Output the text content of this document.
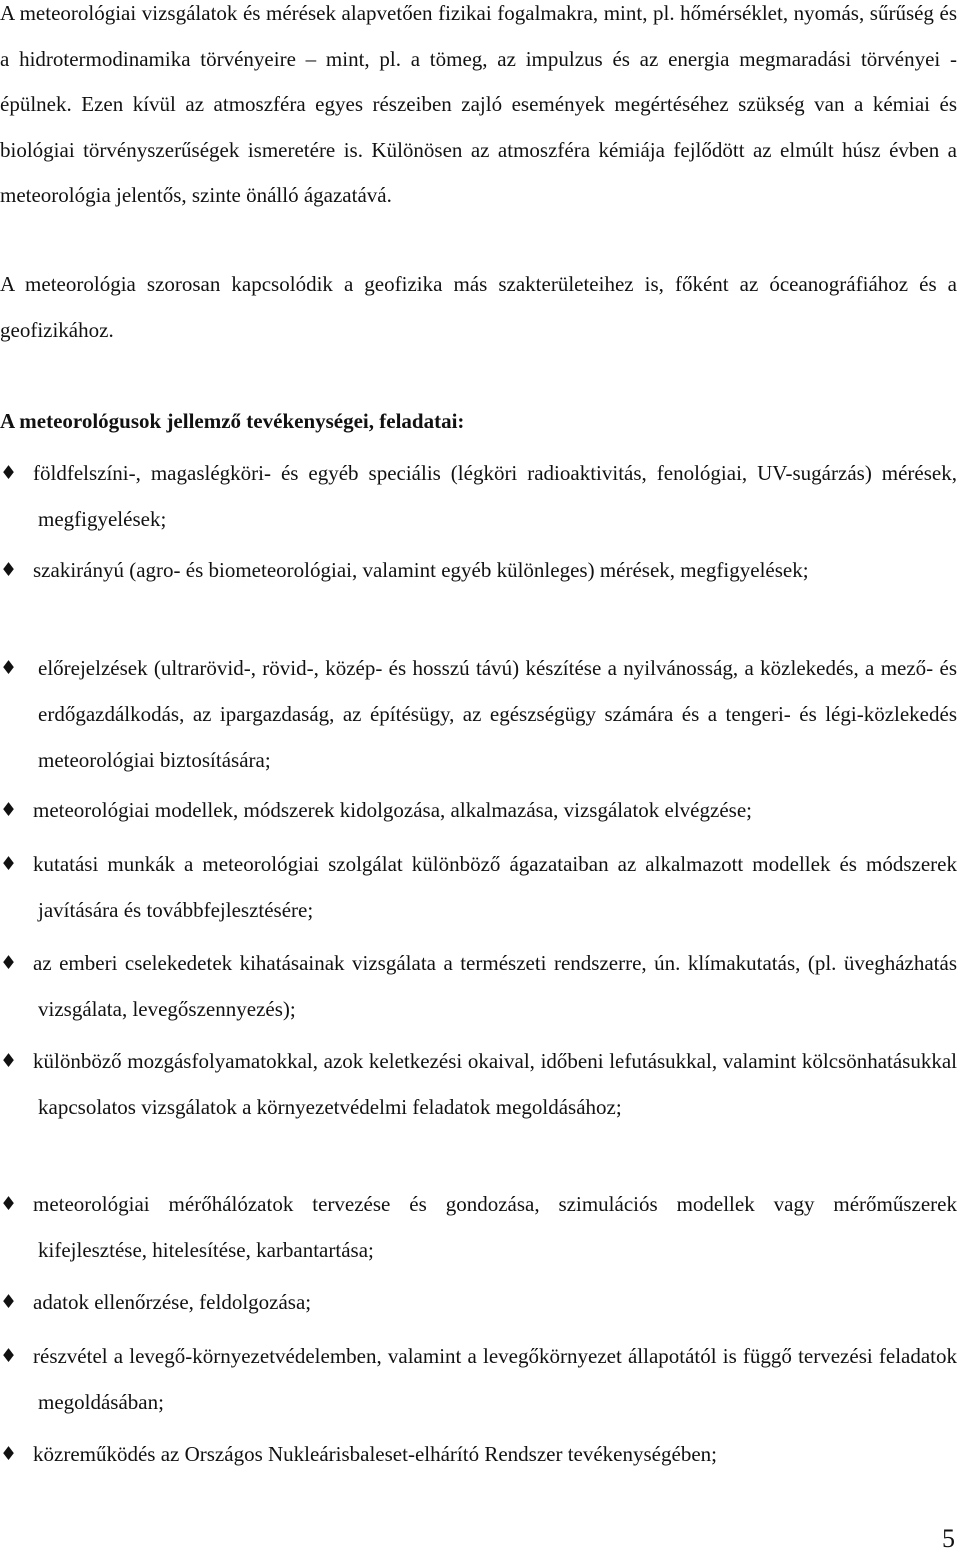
A meteorológiai vizsgálatok és mérések alapvetően fizikai fogalmakra, mint, pl. hőmérséklet, nyomás, sűrűség és a hidrotermodinamika törvényeire – mint, pl. a tömeg, az impulzus és az energia megmaradási törvényei - épülnek. Ezen kívül az atmoszféra egyes részeiben zajló események megértéséhez szükség van a kémiai és biológiai törvényszerűségek ismeretére is. Különösen az atmoszféra kémiája fejlődött az elmúlt húsz évben a meteorológia jelentős, szinte önálló ágazatává.

A meteorológia szorosan kapcsolódik a geofizika más szakterületeihez is, főként az óceanográfiához és a geofizikához.

A meteorológusok jellemző tevékenységei, feladatai:
♦ földfelszíni-, magaslégköri- és egyéb speciális (légköri radioaktivitás, fenológiai, UV-sugárzás) mérések, megfigyelések;
♦ szakirányú (agro- és biometeorológiai, valamint egyéb különleges) mérések, megfigyelések;
♦ előrejelzések (ultrarövid-, rövid-, közép- és hosszú távú) készítése a nyilvánosság, a közlekedés, a mező- és erdőgazdálkodás, az ipargazdaság, az építésügy, az egészségügy számára és a tengeri- és légi-közlekedés meteorológiai biztosítására;
♦ meteorológiai modellek, módszerek kidolgozása, alkalmazása, vizsgálatok elvégzése;
♦ kutatási munkák a meteorológiai szolgálat különböző ágazataiban az alkalmazott modellek és módszerek javítására és továbbfejlesztésére;
♦ az emberi cselekedetek kihatásainak vizsgálata a természeti rendszerre, ún. klímakutatás, (pl. üvegházhatás vizsgálata, levegőszennyezés);
♦ különböző mozgásfolyamatokkal, azok keletkezési okaival, időbeni lefutásukkal, valamint kölcsönhatásukkal kapcsolatos vizsgálatok a környezetvédelmi feladatok megoldásához;
♦ meteorológiai mérőhálózatok tervezése és gondozása, szimulációs modellek vagy mérőműszerek kifejlesztése, hitelesítése, karbantartása;
♦ adatok ellenőrzése, feldolgozása;
♦ részvétel a levegő-környezetvédelemben, valamint a levegőkörnyezet állapotától is függő tervezési feladatok megoldásában;
♦ közreműködés az Országos Nukleárisbaleset-elhárító Rendszer tevékenységében;
5
